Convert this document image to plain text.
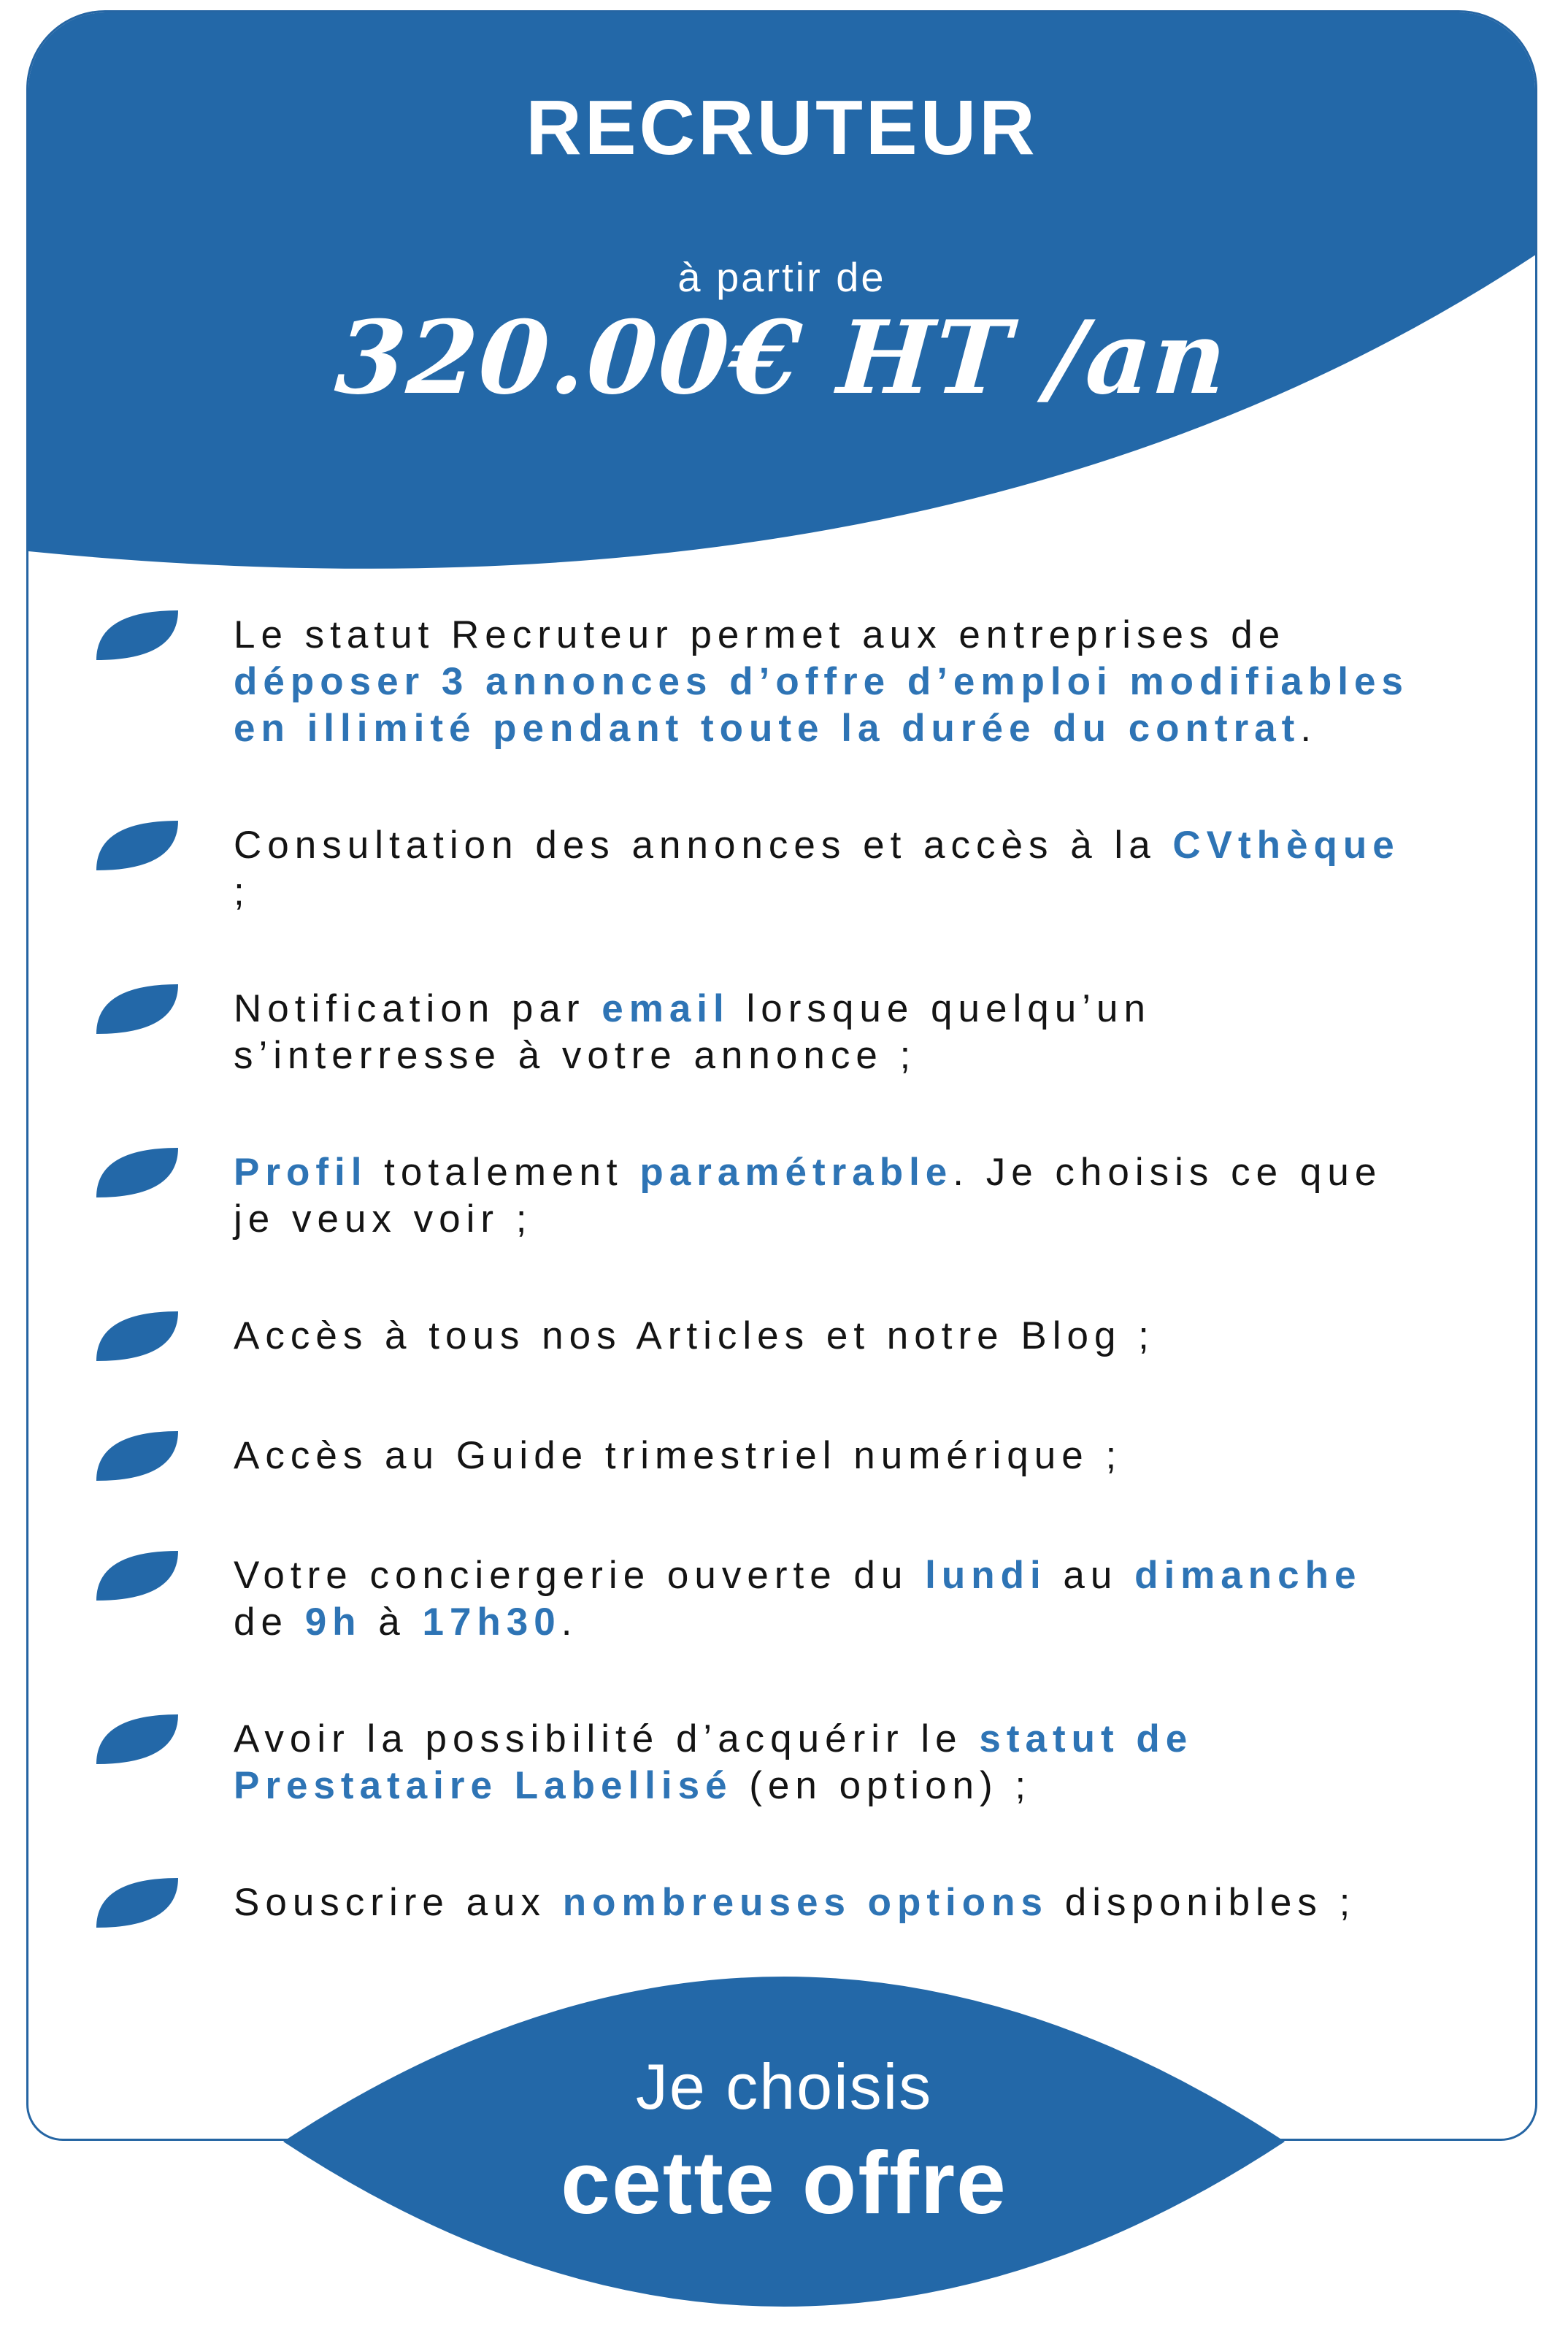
RECRUTEUR
à partir de
320.00€ HT /an
Le statut Recruteur permet aux entreprises de déposer 3 annonces d’offre d’emploi modifiables en illimité pendant toute la durée du contrat.
Consultation des annonces et accès à la CVthèque ;
Notification par email lorsque quelqu’un s’interresse à votre annonce ;
Profil totalement paramétrable. Je choisis ce que je veux voir ;
Accès à tous nos Articles et notre Blog ;
Accès au Guide trimestriel numérique ;
Votre conciergerie ouverte du lundi au dimanche de 9h à 17h30.
Avoir la possibilité d’acquérir le statut de Prestataire Labellisé (en option) ;
Souscrire aux nombreuses options disponibles ;
Je choisis
cette offre
